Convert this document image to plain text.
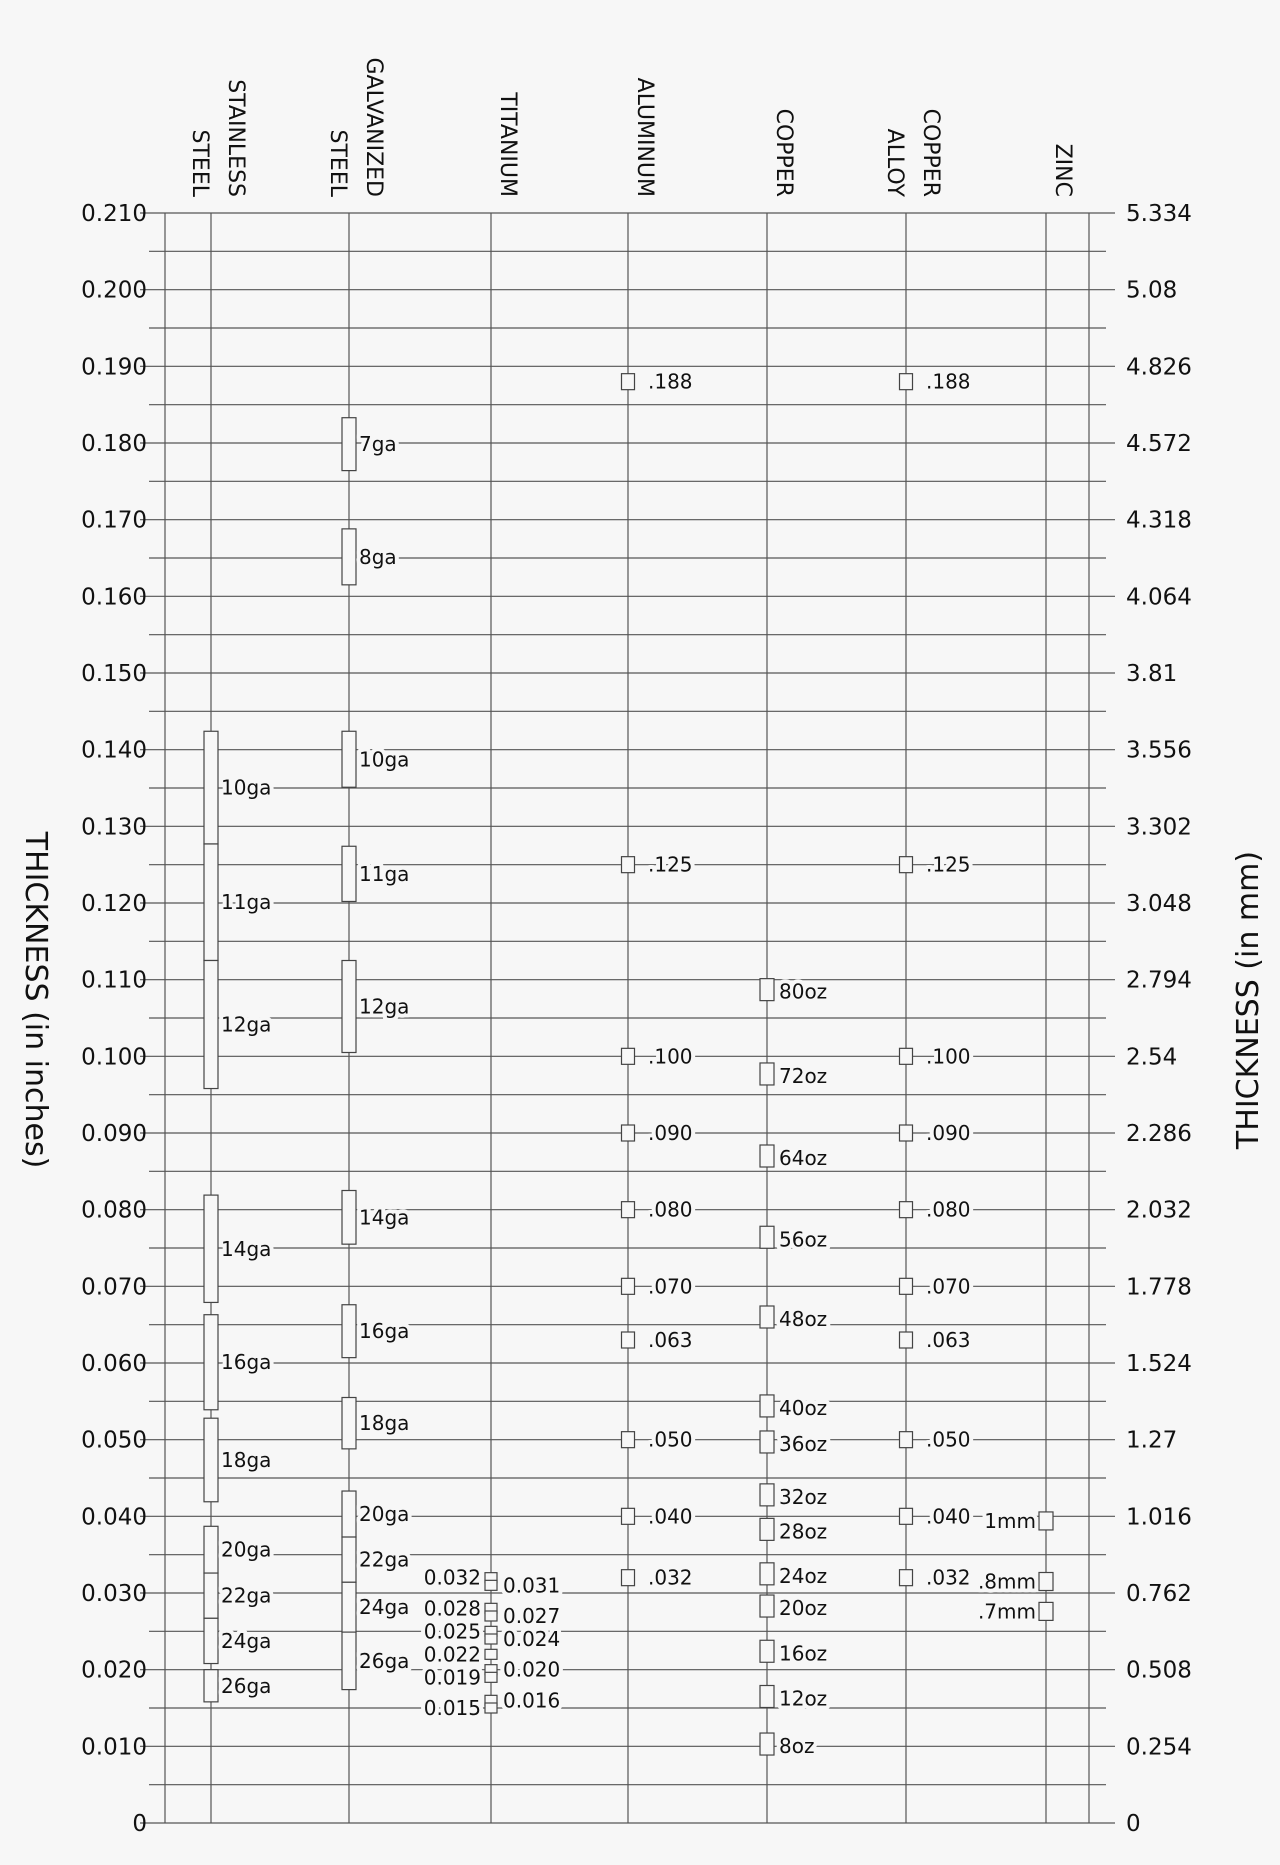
0
0.010
0.020
0.030
0.040
0.050
0.060
0.070
0.080
0.090
0.100
0.110
0.120
0.130
0.140
0.150
0.160
0.170
0.180
0.190
0.200
0.210
0
0.254
0.508
0.762
1.016
1.27
1.524
1.778
2.032
2.286
2.54
2.794
3.048
3.302
3.556
3.81
4.064
4.318
4.572
4.826
5.08
5.334
STAINLESS
STEEL	GALVANIZED
STEEL	TITANIUM	ALUMINUM	COPPER	COPPER
ALLOY	ZINC
10ga
11ga
12ga
14ga
16ga
18ga
20ga
22ga
24ga
26ga
7ga
8ga
10ga
11ga
12ga
14ga
16ga
18ga
20ga
22ga
24ga
26ga
0.032 0.031
0.028 0.027
0.025 0.024
0.022
0.020
0.019
0.016
0.015
.188
.125
.100
.090
.080
.070
.063
.050
.040
.032
80oz
72oz
64oz
56oz
48oz
40oz
36oz
32oz
28oz
24oz
20oz
16oz
12oz
8oz
.188
.125
.100
.090
.080
.070
.063
.050
.040
.032
1mm
.8mm
.7mm
THICKNESS (in inches)	THICKNESS (in mm)
